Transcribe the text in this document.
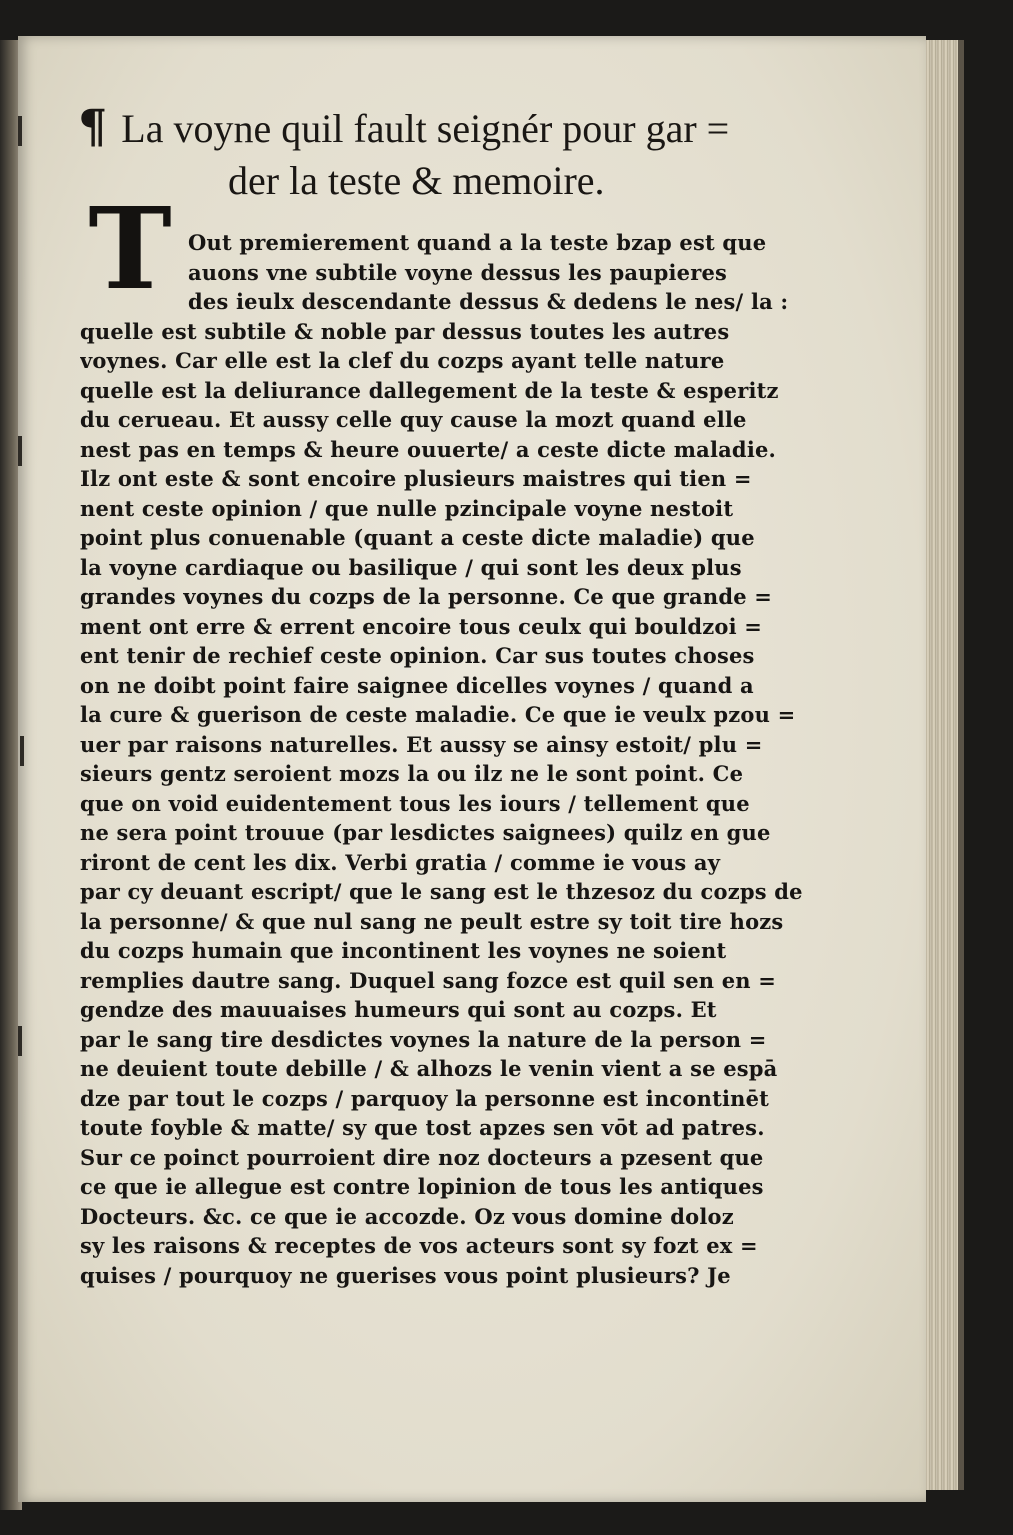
¶ La voyne quil fault seignér pour gar =
der la teste & memoire.
T Out premierement quand a la teste bzap est que
auons vne subtile voyne dessus les paupieres
des ieulx descendante dessus & dedens le nes/ la :
quelle est subtile & noble par dessus toutes les autres
voynes. Car elle est la clef du cozps ayant telle nature
quelle est la deliurance dallegement de la teste & esperitz
du cerueau. Et aussy celle quy cause la mozt quand elle
nest pas en temps & heure ouuerte/ a ceste dicte maladie.
Ilz ont este & sont encoire plusieurs maistres qui tien =
nent ceste opinion / que nulle pzincipale voyne nestoit
point plus conuenable (quant a ceste dicte maladie) que
la voyne cardiaque ou basilique / qui sont les deux plus
grandes voynes du cozps de la personne. Ce que grande =
ment ont erre & errent encoire tous ceulx qui bouldzoi =
ent tenir de rechief ceste opinion. Car sus toutes choses
on ne doibt point faire saignee dicelles voynes / quand a
la cure & guerison de ceste maladie. Ce que ie veulx pzou =
uer par raisons naturelles. Et aussy se ainsy estoit/ plu =
sieurs gentz seroient mozs la ou ilz ne le sont point. Ce
que on void euidentement tous les iours / tellement que
ne sera point trouue (par lesdictes saignees) quilz en gue
riront de cent les dix. Verbi gratia / comme ie vous ay
par cy deuant escript/ que le sang est le thzesoz du cozps de
la personne/ & que nul sang ne peult estre sy toit tire hozs
du cozps humain que incontinent les voynes ne soient
remplies dautre sang. Duquel sang fozce est quil sen en =
gendze des mauuaises humeurs qui sont au cozps. Et
par le sang tire desdictes voynes la nature de la person =
ne deuient toute debille / & alhozs le venin vient a se espā
dze par tout le cozps / parquoy la personne est incontinēt
toute foyble & matte/ sy que tost apzes sen vōt ad patres.
Sur ce poinct pourroient dire noz docteurs a pzesent que
ce que ie allegue est contre lopinion de tous les antiques
Docteurs. &c. ce que ie accozde. Oz vous domine doloz
sy les raisons & receptes de vos acteurs sont sy fozt ex =
quises / pourquoy ne guerises vous point plusieurs? Je
